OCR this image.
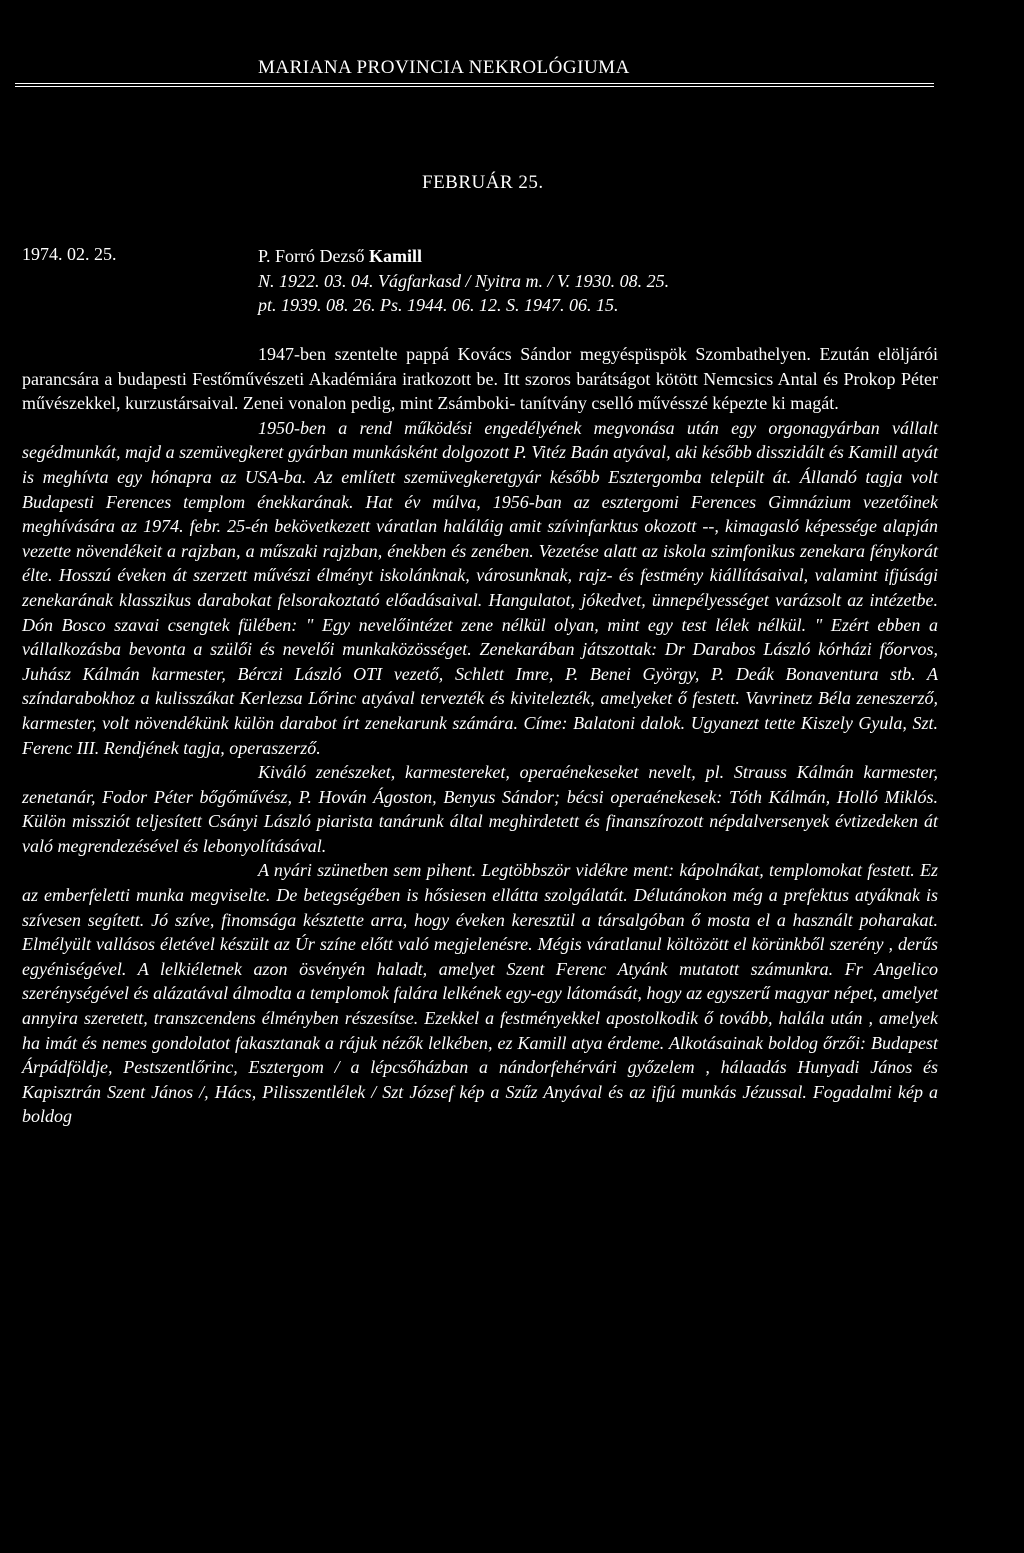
MARIANA PROVINCIA NEKROLÓGIUMA
FEBRUÁR 25.
1974. 02. 25.	P. Forró Dezső Kamill
N. 1922. 03. 04. Vágfarkasd / Nyitra m. / V. 1930. 08. 25.
pt. 1939. 08. 26. Ps. 1944. 06. 12. S. 1947. 06. 15.

1947-ben szentelte pappá Kovács Sándor megyéspüspök Szombathelyen. Ezután elöljárói parancsára a budapesti Festőművészeti Akadémiára iratkozott be. Itt szoros barátságot kötött Nemcsics Antal és Prokop Péter művészekkel, kurzustársaival. Zenei vonalon pedig, mint Zsámboki- tanítvány cselló művésszé képezte ki magát.

1950-ben a rend működési engedélyének megvonása után egy orgonagyárban vállalt segédmunkát, majd a szemüvegkeret gyárban munkásként dolgozott P. Vitéz Baán atyával, aki később disszidált és Kamill atyát is meghívta egy hónapra az USA-ba. Az említett szemüvegkeretgyár később Esztergomba települt át. Állandó tagja volt Budapesti Ferences templom énekkarának. Hat év múlva, 1956-ban az esztergomi Ferences Gimnázium vezetőinek meghívására az 1974. febr. 25-én bekövetkezett váratlan haláláig amit szívinfarktus okozott --, kimagasló képessége alapján vezette növendékeit a rajzban, a műszaki rajzban, énekben és zenében. Vezetése alatt az iskola szimfonikus zenekara fénykorát élte. Hosszú éveken át szerzett művészi élményt iskolánknak, városunknak, rajz- és festmény kiállításaival, valamint ifjúsági zenekarának klasszikus darabokat felsorakoztató előadásaival. Hangulatot, jókedvet, ünnepélyességet varázsolt az intézetbe. Dón Bosco szavai csengtek fülében: " Egy nevelőintézet zene nélkül olyan, mint egy test lélek nélkül. " Ezért ebben a vállalkozásba bevonta a szülői és nevelői munkaközösséget. Zenekarában játszottak: Dr Darabos László kórházi főorvos, Juhász Kálmán karmester, Bérczi László OTI vezető, Schlett Imre, P. Benei György, P. Deák Bonaventura stb. A színdarabokhoz a kulisszákat Kerlezsa Lőrinc atyával tervezték és kivitelezték, amelyeket ő festett. Vavrinetz Béla zeneszerző, karmester, volt növendékünk külön darabot írt zenekarunk számára. Címe: Balatoni dalok. Ugyanezt tette Kiszely Gyula, Szt. Ferenc III. Rendjének tagja, operaszerző.

Kiváló zenészeket, karmestereket, operaénekeseket nevelt, pl. Strauss Kálmán karmester, zenetanár, Fodor Péter bőgőművész, P. Hován Ágoston, Benyus Sándor; bécsi operaénekesek: Tóth Kálmán, Holló Miklós. Külön missziót teljesített Csányi László piarista tanárunk által meghirdetett és finanszírozott népdalversenyek évtizedeken át való megrendezésével és lebonyolításával.

A nyári szünetben sem pihent. Legtöbbször vidékre ment: kápolnákat, templomokat festett. Ez az emberfeletti munka megviselte. De betegségében is hősiesen ellátta szolgálatát. Délutánokon még a prefektus atyáknak is szívesen segített. Jó szíve, finomsága késztette arra, hogy éveken keresztül a társalgóban ő mosta el a használt poharakat. Elmélyült vallásos életével készült az Úr színe előtt való megjelenésre. Mégis váratlanul költözött el körünkből szerény , derűs egyéniségével. A lelkiéletnek azon ösvényén haladt, amelyet Szent Ferenc Atyánk mutatott számunkra. Fr Angelico szerénységével és alázatával álmodta a templomok falára lelkének egy-egy látomását, hogy az egyszerű magyar népet, amelyet annyira szeretett, transzcendens élményben részesítse. Ezekkel a festményekkel apostolkodik ő tovább, halála után , amelyek ha imát és nemes gondolatot fakasztanak a rájuk nézők lelkében, ez Kamill atya érdeme. Alkotásainak boldog őrzői: Budapest Árpádföldje, Pestszentlőrinc, Esztergom / a lépcsőházban a nándorfehérvári győzelem , hálaadás Hunyadi János és Kapisztrán Szent János /, Hács, Pilisszentlélek / Szt József kép a Szűz Anyával és az ifjú munkás Jézussal. Fogadalmi kép a boldog
